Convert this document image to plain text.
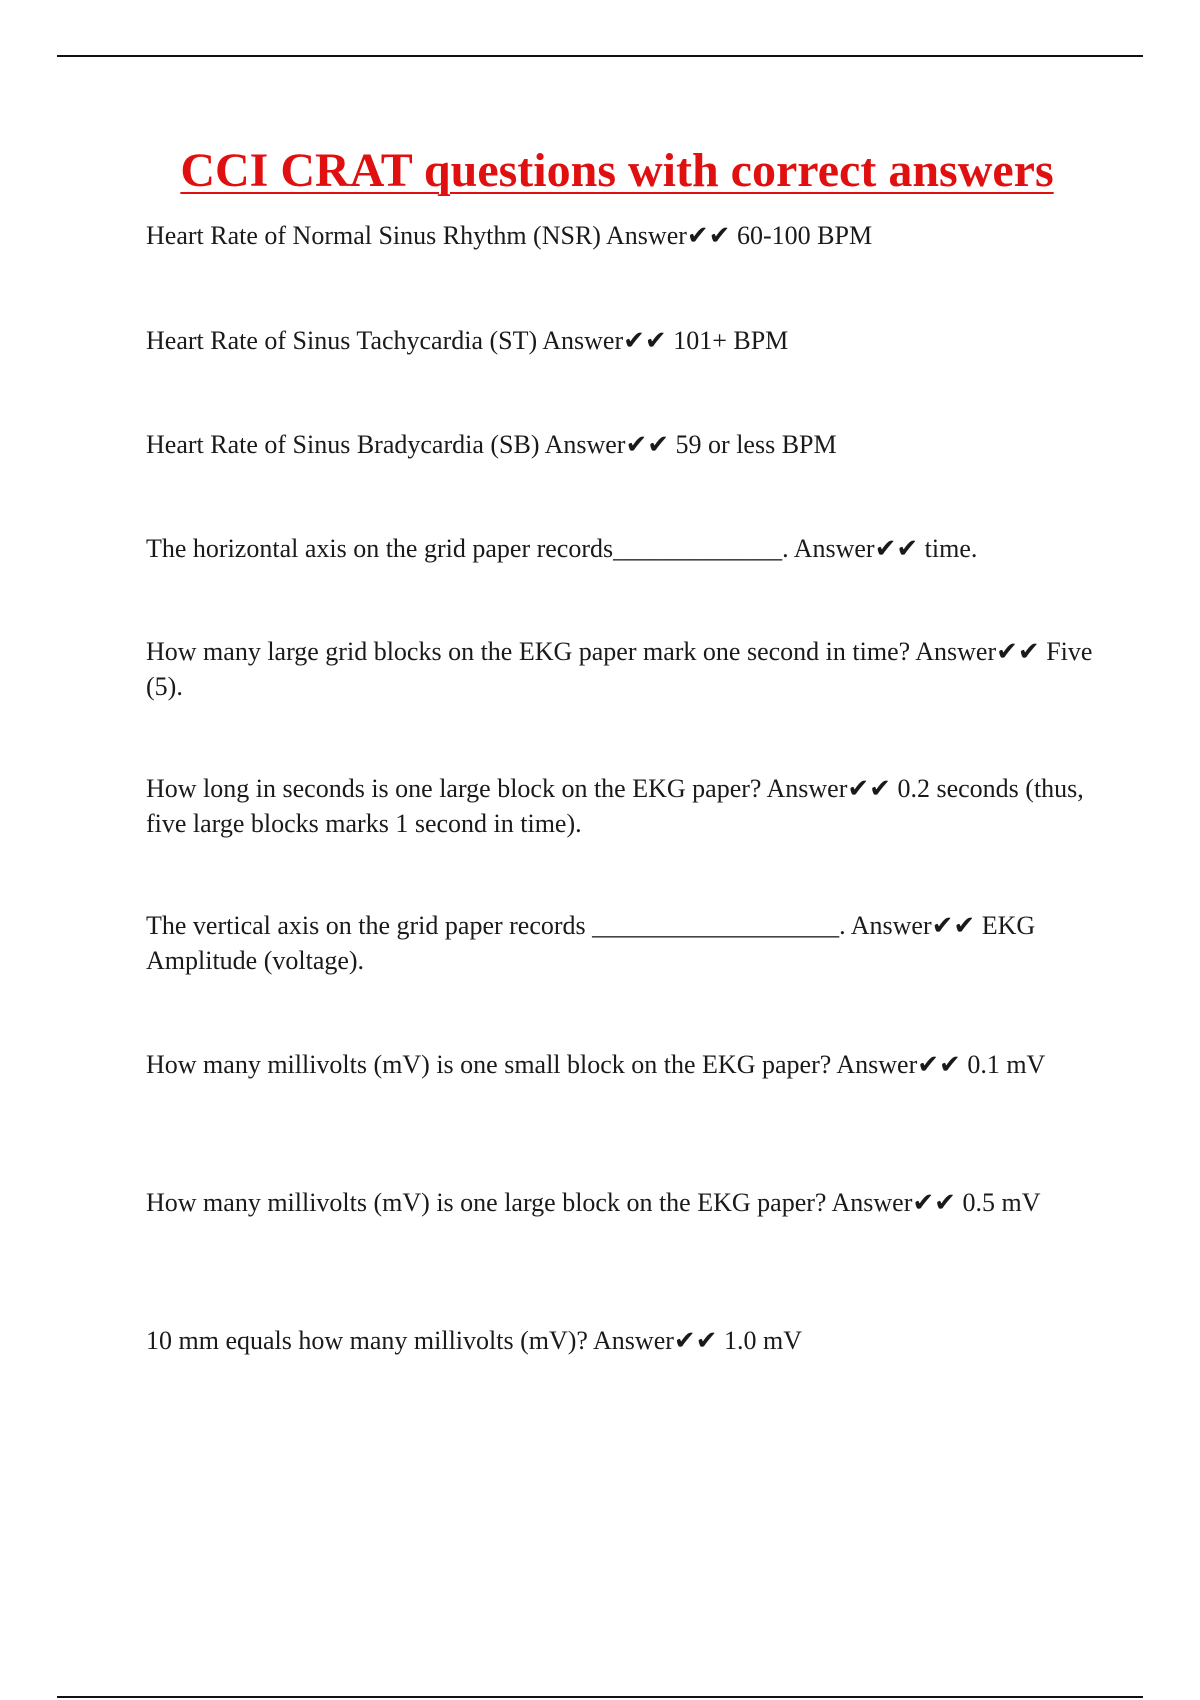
CCI CRAT questions with correct answers

Heart Rate of Normal Sinus Rhythm (NSR) Answer✔✔ 60-100 BPM

Heart Rate of Sinus Tachycardia (ST) Answer✔✔ 101+ BPM

Heart Rate of Sinus Bradycardia (SB) Answer✔✔ 59 or less BPM

The horizontal axis on the grid paper records_____________. Answer✔✔ time.

How many large grid blocks on the EKG paper mark one second in time? Answer✔✔ Five (5).

How long in seconds is one large block on the EKG paper? Answer✔✔ 0.2 seconds (thus, five large blocks marks 1 second in time).

The vertical axis on the grid paper records ___________________. Answer✔✔ EKG Amplitude (voltage).

How many millivolts (mV) is one small block on the EKG paper? Answer✔✔ 0.1 mV

How many millivolts (mV) is one large block on the EKG paper? Answer✔✔ 0.5 mV

10 mm equals how many millivolts (mV)? Answer✔✔ 1.0 mV
